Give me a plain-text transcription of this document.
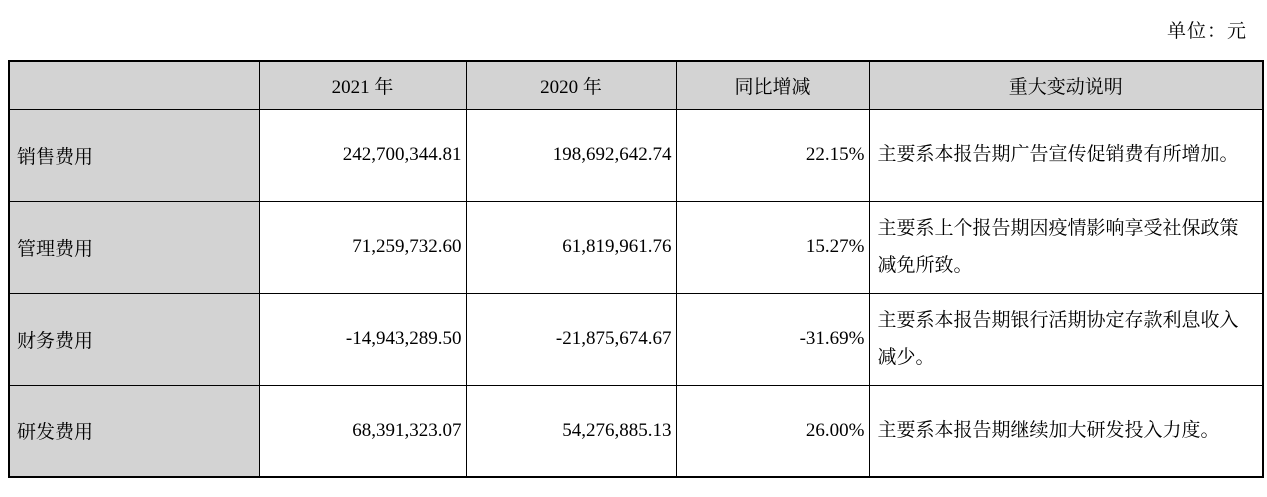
单位：元
	2021 年	2020 年	同比增减	重大变动说明
销售费用	242,700,344.81	198,692,642.74	22.15%	主要系本报告期广告宣传促销费有所增加。
管理费用	71,259,732.60	61,819,961.76	15.27%	主要系上个报告期因疫情影响享受社保政策减免所致。
财务费用	-14,943,289.50	-21,875,674.67	-31.69%	主要系本报告期银行活期协定存款利息收入减少。
研发费用	68,391,323.07	54,276,885.13	26.00%	主要系本报告期继续加大研发投入力度。
